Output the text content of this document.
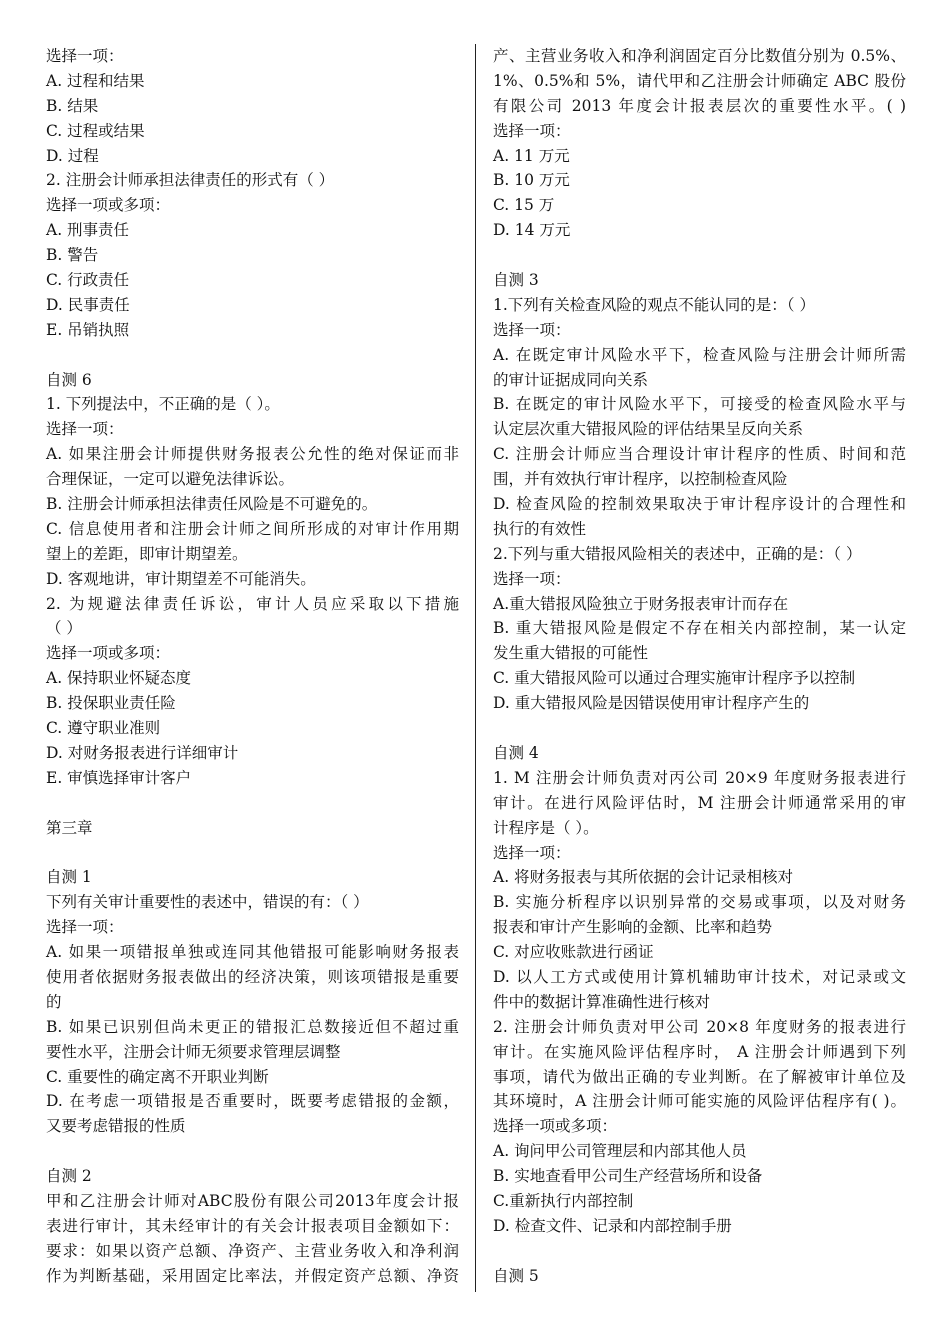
选择一项：
A. 过程和结果
B. 结果
C. 过程或结果
D. 过程
2. 注册会计师承担法律责任的形式有（ ）
选择一项或多项：
A. 刑事责任
B. 警告
C. 行政责任
D. 民事责任
E. 吊销执照
自测 6
1. 下列提法中，不正确的是（ ）。
选择一项：
A. 如果注册会计师提供财务报表公允性的绝对保证而非
合理保证，一定可以避免法律诉讼。
B. 注册会计师承担法律责任风险是不可避免的。
C. 信息使用者和注册会计师之间所形成的对审计作用期
望上的差距，即审计期望差。
D. 客观地讲，审计期望差不可能消失。
2. 为规避法律责任诉讼，审计人员应采取以下措施
（ ）
选择一项或多项：
A. 保持职业怀疑态度
B. 投保职业责任险
C. 遵守职业准则
D. 对财务报表进行详细审计
E. 审慎选择审计客户
第三章
自测 1
下列有关审计重要性的表述中，错误的有：（ ）
选择一项：
A. 如果一项错报单独或连同其他错报可能影响财务报表
使用者依据财务报表做出的经济决策，则该项错报是重要
的
B. 如果已识别但尚未更正的错报汇总数接近但不超过重
要性水平，注册会计师无须要求管理层调整
C. 重要性的确定离不开职业判断
D. 在考虑一项错报是否重要时，既要考虑错报的金额，
又要考虑错报的性质
自测 2
甲和乙注册会计师对ABC股份有限公司2013年度会计报
表进行审计，其未经审计的有关会计报表项目金额如下：
要求：如果以资产总额、净资产、主营业务收入和净利润
作为判断基础，采用固定比率法，并假定资产总额、净资
产、主营业务收入和净利润固定百分比数值分别为 0.5%、
1%、0.5%和 5%，请代甲和乙注册会计师确定 ABC 股份
有限公司 2013 年度会计报表层次的重要性水平。( )
选择一项：
A. 11 万元
B. 10 万元
C. 15 万
D. 14 万元
自测 3
1.下列有关检查风险的观点不能认同的是：（ ）
选择一项：
A. 在既定审计风险水平下，检查风险与注册会计师所需
的审计证据成同向关系
B. 在既定的审计风险水平下，可接受的检查风险水平与
认定层次重大错报风险的评估结果呈反向关系
C. 注册会计师应当合理设计审计程序的性质、时间和范
围，并有效执行审计程序，以控制检查风险
D. 检查风险的控制效果取决于审计程序设计的合理性和
执行的有效性
2.下列与重大错报风险相关的表述中，正确的是：（ ）
选择一项：
A.重大错报风险独立于财务报表审计而存在
B. 重大错报风险是假定不存在相关内部控制，某一认定
发生重大错报的可能性
C. 重大错报风险可以通过合理实施审计程序予以控制
D. 重大错报风险是因错误使用审计程序产生的
自测 4
1. M 注册会计师负责对丙公司 20×9 年度财务报表进行
审计。在进行风险评估时，M 注册会计师通常采用的审
计程序是（ ）。
选择一项：
A. 将财务报表与其所依据的会计记录相核对
B. 实施分析程序以识别异常的交易或事项，以及对财务
报表和审计产生影响的金额、比率和趋势
C. 对应收账款进行函证
D. 以人工方式或使用计算机辅助审计技术，对记录或文
件中的数据计算准确性进行核对
2. 注册会计师负责对甲公司 20×8 年度财务的报表进行
审计。在实施风险评估程序时， A 注册会计师遇到下列
事项，请代为做出正确的专业判断。在了解被审计单位及
其环境时，A 注册会计师可能实施的风险评估程序有( )。
选择一项或多项：
A. 询问甲公司管理层和内部其他人员
B. 实地查看甲公司生产经营场所和设备
C.重新执行内部控制
D. 检查文件、记录和内部控制手册
自测 5
